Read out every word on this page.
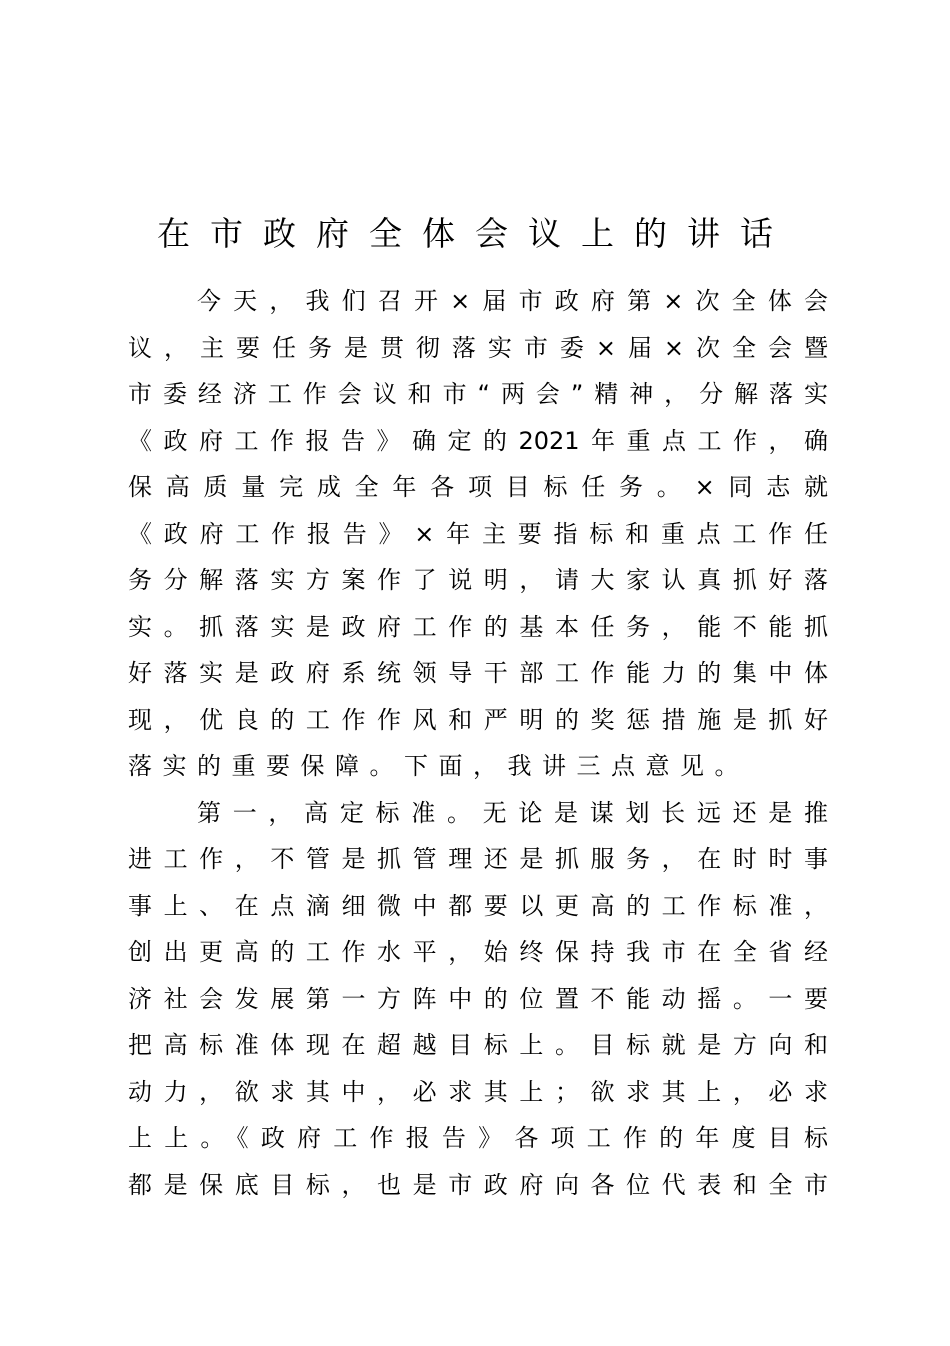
在市政府全体会议上的讲话
今天，我们召开×届市政府第×次全体会
议，主要任务是贯彻落实市委×届×次全会暨
市委经济工作会议和市“两会”精神，分解落实
《政府工作报告》确定的2021年重点工作，确
保高质量完成全年各项目标任务。×同志就
《政府工作报告》×年主要指标和重点工作任
务分解落实方案作了说明，请大家认真抓好落
实。抓落实是政府工作的基本任务，能不能抓
好落实是政府系统领导干部工作能力的集中体
现，优良的工作作风和严明的奖惩措施是抓好
落实的重要保障。下面，我讲三点意见。
第一，高定标准。无论是谋划长远还是推
进工作，不管是抓管理还是抓服务，在时时事
事上、在点滴细微中都要以更高的工作标准，
创出更高的工作水平，始终保持我市在全省经
济社会发展第一方阵中的位置不能动摇。一要
把高标准体现在超越目标上。目标就是方向和
动力，欲求其中，必求其上；欲求其上，必求
上上。《政府工作报告》各项工作的年度目标
都是保底目标，也是市政府向各位代表和全市
